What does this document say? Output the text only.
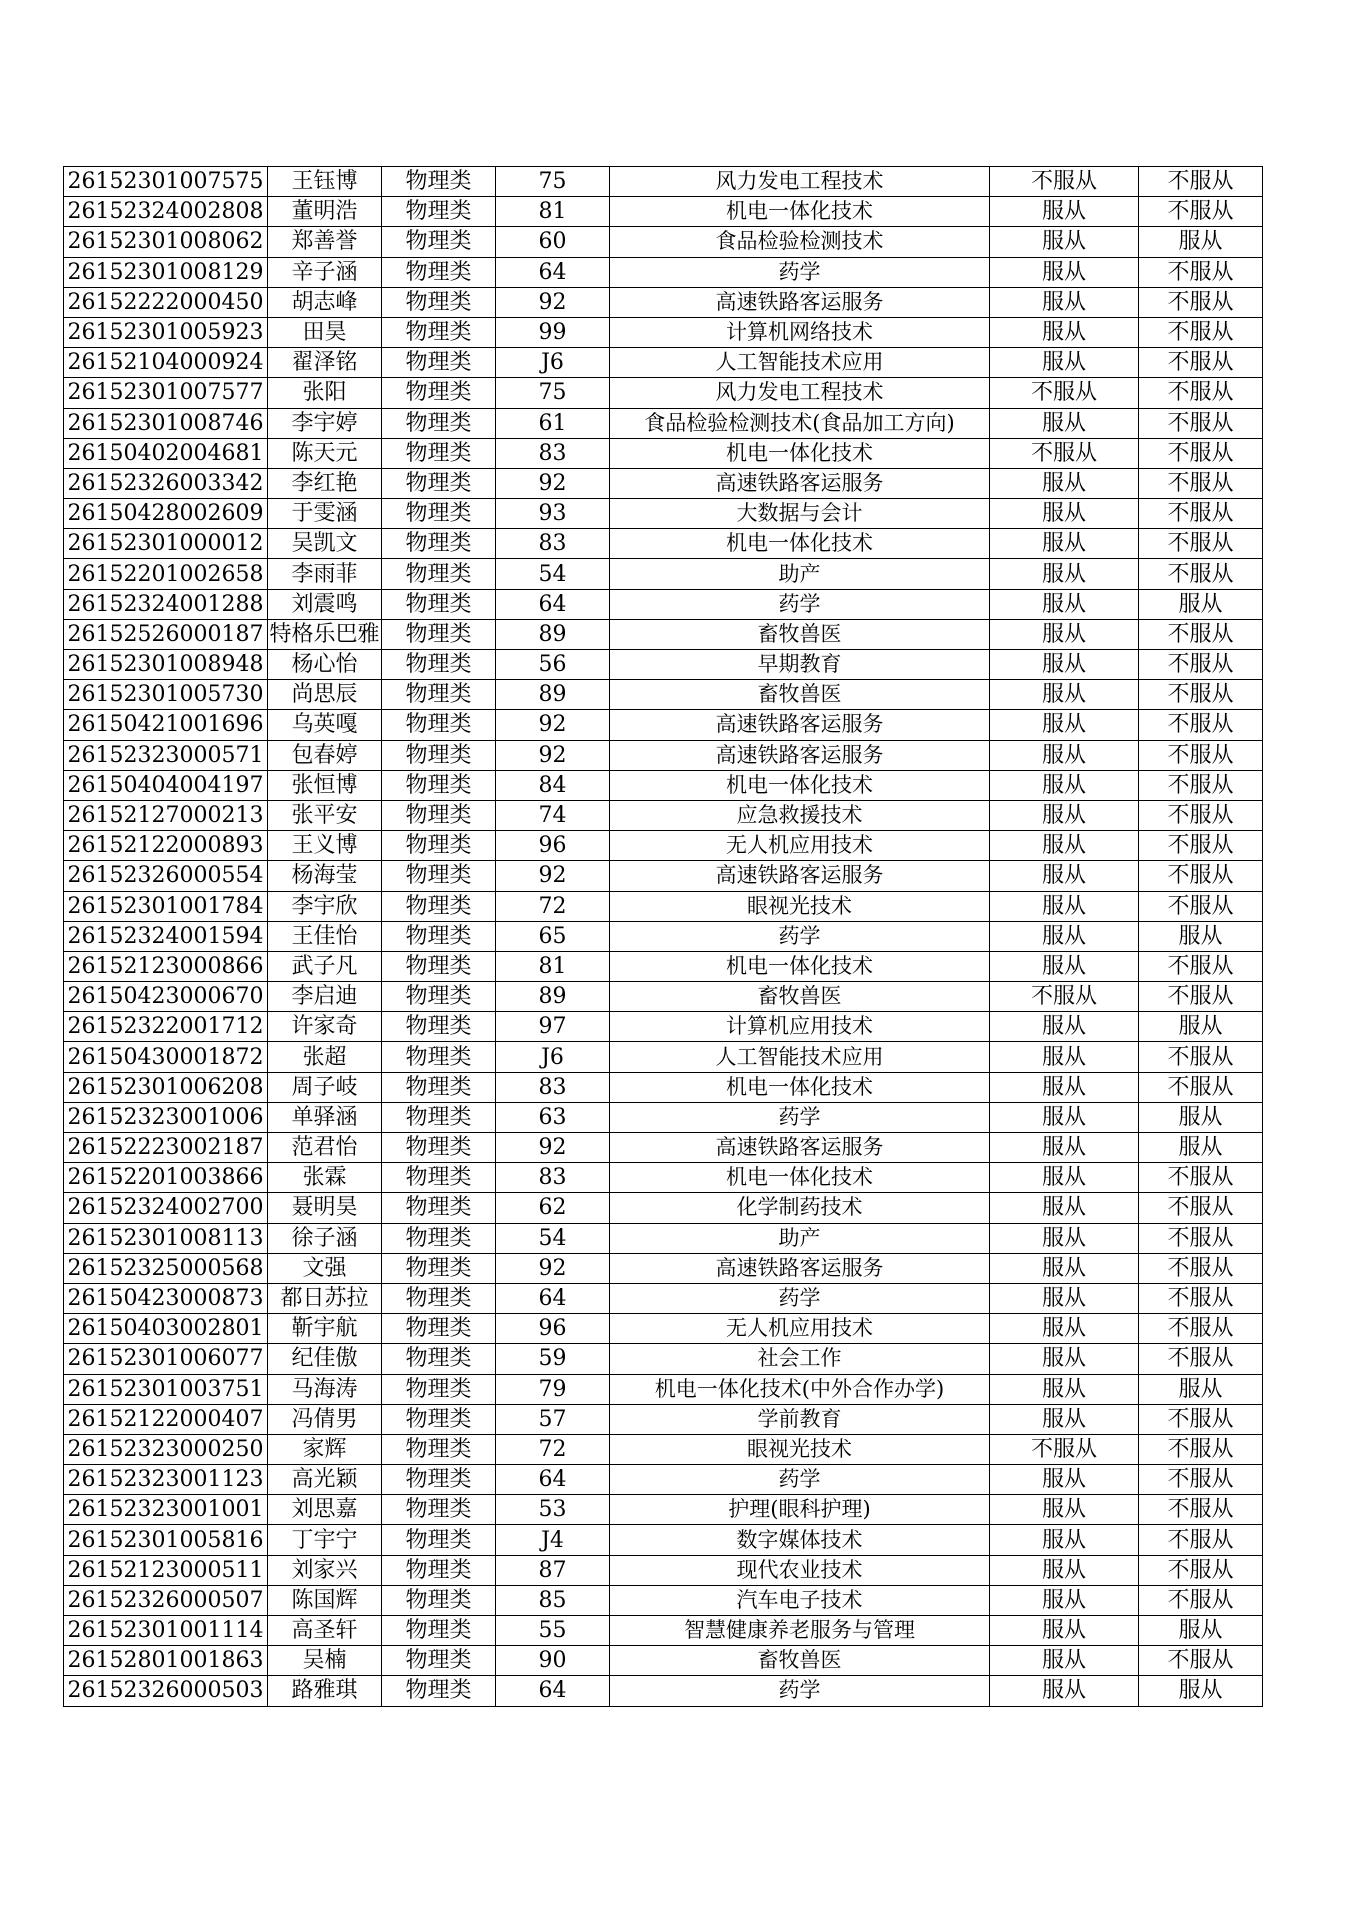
26152301007575	王钰博	物理类	75	风力发电工程技术	不服从	不服从
26152324002808	董明浩	物理类	81	机电一体化技术	服从	不服从
26152301008062	郑善誉	物理类	60	食品检验检测技术	服从	服从
26152301008129	辛子涵	物理类	64	药学	服从	不服从
26152222000450	胡志峰	物理类	92	高速铁路客运服务	服从	不服从
26152301005923	田昊	物理类	99	计算机网络技术	服从	不服从
26152104000924	翟泽铭	物理类	J6	人工智能技术应用	服从	不服从
26152301007577	张阳	物理类	75	风力发电工程技术	不服从	不服从
26152301008746	李宇婷	物理类	61	食品检验检测技术(食品加工方向)	服从	不服从
26150402004681	陈天元	物理类	83	机电一体化技术	不服从	不服从
26152326003342	李红艳	物理类	92	高速铁路客运服务	服从	不服从
26150428002609	于雯涵	物理类	93	大数据与会计	服从	不服从
26152301000012	吴凯文	物理类	83	机电一体化技术	服从	不服从
26152201002658	李雨菲	物理类	54	助产	服从	不服从
26152324001288	刘震鸣	物理类	64	药学	服从	服从
26152526000187	特格乐巴雅	物理类	89	畜牧兽医	服从	不服从
26152301008948	杨心怡	物理类	56	早期教育	服从	不服从
26152301005730	尚思辰	物理类	89	畜牧兽医	服从	不服从
26150421001696	乌英嘎	物理类	92	高速铁路客运服务	服从	不服从
26152323000571	包春婷	物理类	92	高速铁路客运服务	服从	不服从
26150404004197	张恒博	物理类	84	机电一体化技术	服从	不服从
26152127000213	张平安	物理类	74	应急救援技术	服从	不服从
26152122000893	王义博	物理类	96	无人机应用技术	服从	不服从
26152326000554	杨海莹	物理类	92	高速铁路客运服务	服从	不服从
26152301001784	李宇欣	物理类	72	眼视光技术	服从	不服从
26152324001594	王佳怡	物理类	65	药学	服从	服从
26152123000866	武子凡	物理类	81	机电一体化技术	服从	不服从
26150423000670	李启迪	物理类	89	畜牧兽医	不服从	不服从
26152322001712	许家奇	物理类	97	计算机应用技术	服从	服从
26150430001872	张超	物理类	J6	人工智能技术应用	服从	不服从
26152301006208	周子岐	物理类	83	机电一体化技术	服从	不服从
26152323001006	单驿涵	物理类	63	药学	服从	服从
26152223002187	范君怡	物理类	92	高速铁路客运服务	服从	服从
26152201003866	张霖	物理类	83	机电一体化技术	服从	不服从
26152324002700	聂明昊	物理类	62	化学制药技术	服从	不服从
26152301008113	徐子涵	物理类	54	助产	服从	不服从
26152325000568	文强	物理类	92	高速铁路客运服务	服从	不服从
26150423000873	都日苏拉	物理类	64	药学	服从	不服从
26150403002801	靳宇航	物理类	96	无人机应用技术	服从	不服从
26152301006077	纪佳傲	物理类	59	社会工作	服从	不服从
26152301003751	马海涛	物理类	79	机电一体化技术(中外合作办学)	服从	服从
26152122000407	冯倩男	物理类	57	学前教育	服从	不服从
26152323000250	家辉	物理类	72	眼视光技术	不服从	不服从
26152323001123	高光颖	物理类	64	药学	服从	不服从
26152323001001	刘思嘉	物理类	53	护理(眼科护理)	服从	不服从
26152301005816	丁宇宁	物理类	J4	数字媒体技术	服从	不服从
26152123000511	刘家兴	物理类	87	现代农业技术	服从	不服从
26152326000507	陈国辉	物理类	85	汽车电子技术	服从	不服从
26152301001114	高圣轩	物理类	55	智慧健康养老服务与管理	服从	服从
26152801001863	吴楠	物理类	90	畜牧兽医	服从	不服从
26152326000503	路雅琪	物理类	64	药学	服从	服从
